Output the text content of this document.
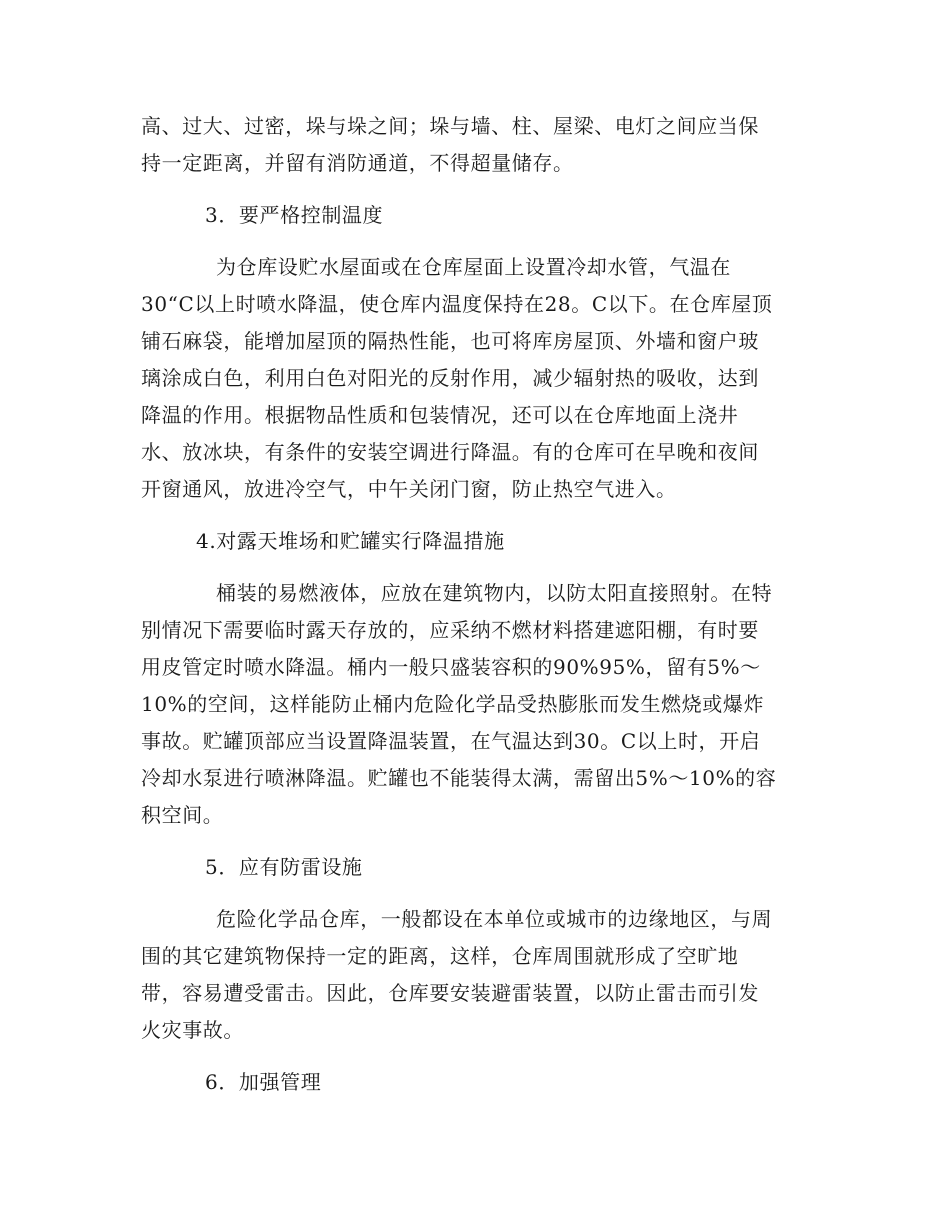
高、过大、过密，垛与垛之间；垛与墙、柱、屋梁、电灯之间应当保
持一定距离，并留有消防通道，不得超量储存。

3．要严格控制温度

为仓库设贮水屋面或在仓库屋面上设置冷却水管，气温在
30“C以上时喷水降温，使仓库内温度保持在28。C以下。在仓库屋顶
铺石麻袋，能增加屋顶的隔热性能，也可将库房屋顶、外墙和窗户玻
璃涂成白色，利用白色对阳光的反射作用，减少辐射热的吸收，达到
降温的作用。根据物品性质和包装情况，还可以在仓库地面上浇井
水、放冰块，有条件的安装空调进行降温。有的仓库可在早晚和夜间
开窗通风，放进冷空气，中午关闭门窗，防止热空气进入。

4.对露天堆场和贮罐实行降温措施

桶装的易燃液体，应放在建筑物内，以防太阳直接照射。在特
别情况下需要临时露天存放的，应采纳不燃材料搭建遮阳棚，有时要
用皮管定时喷水降温。桶内一般只盛装容积的90%95%，留有5%～
10%的空间，这样能防止桶内危险化学品受热膨胀而发生燃烧或爆炸
事故。贮罐顶部应当设置降温装置，在气温达到30。C以上时，开启
冷却水泵进行喷淋降温。贮罐也不能装得太满，需留出5%～10%的容
积空间。

5．应有防雷设施

危险化学品仓库，一般都设在本单位或城市的边缘地区，与周
围的其它建筑物保持一定的距离，这样，仓库周围就形成了空旷地
带，容易遭受雷击。因此，仓库要安装避雷装置，以防止雷击而引发
火灾事故。

6．加强管理
